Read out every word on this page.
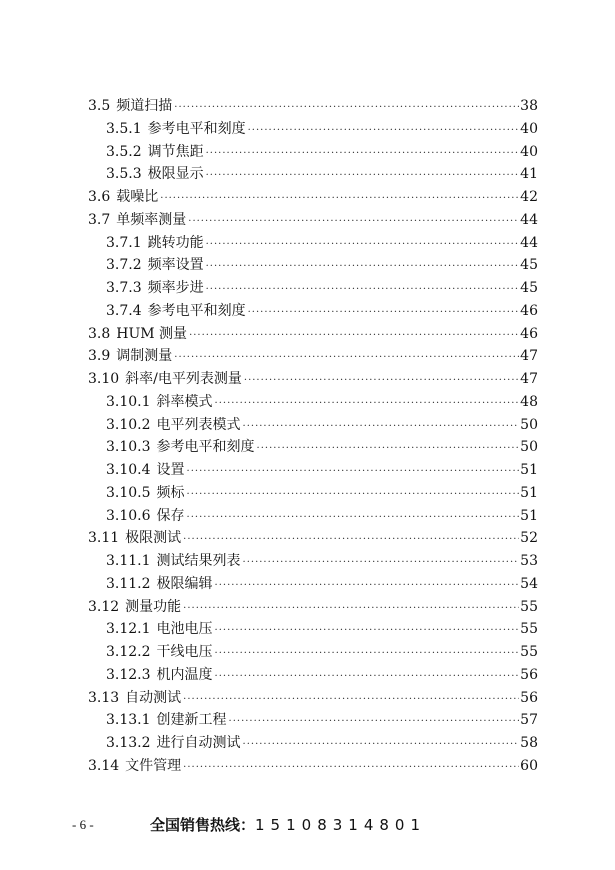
3.5 频道扫描 ·····	38
3.5.1 参考电平和刻度 ·····	40
3.5.2 调节焦距 ·····	40
3.5.3 极限显示 ·····	41
3.6 载噪比 ·····	42
3.7 单频率测量 ·····	44
3.7.1 跳转功能 ·····	44
3.7.2 频率设置 ·····	45
3.7.3 频率步进 ·····	45
3.7.4 参考电平和刻度 ·····	46
3.8 HUM 测量 ·····	46
3.9 调制测量 ·····	47
3.10 斜率/电平列表测量 ·····	47
3.10.1 斜率模式 ·····	48
3.10.2 电平列表模式 ·····	50
3.10.3 参考电平和刻度 ·····	50
3.10.4 设置 ·····	51
3.10.5 频标 ·····	51
3.10.6 保存 ·····	51
3.11 极限测试 ·····	52
3.11.1 测试结果列表 ·····	53
3.11.2 极限编辑 ·····	54
3.12 测量功能 ·····	55
3.12.1 电池电压 ·····	55
3.12.2 干线电压 ·····	55
3.12.3 机内温度 ·····	56
3.13 自动测试 ·····	56
3.13.1 创建新工程 ·····	57
3.13.2 进行自动测试 ·····	58
3.14 文件管理 ·····	60
- 6 -	全国销售热线：15108314801
